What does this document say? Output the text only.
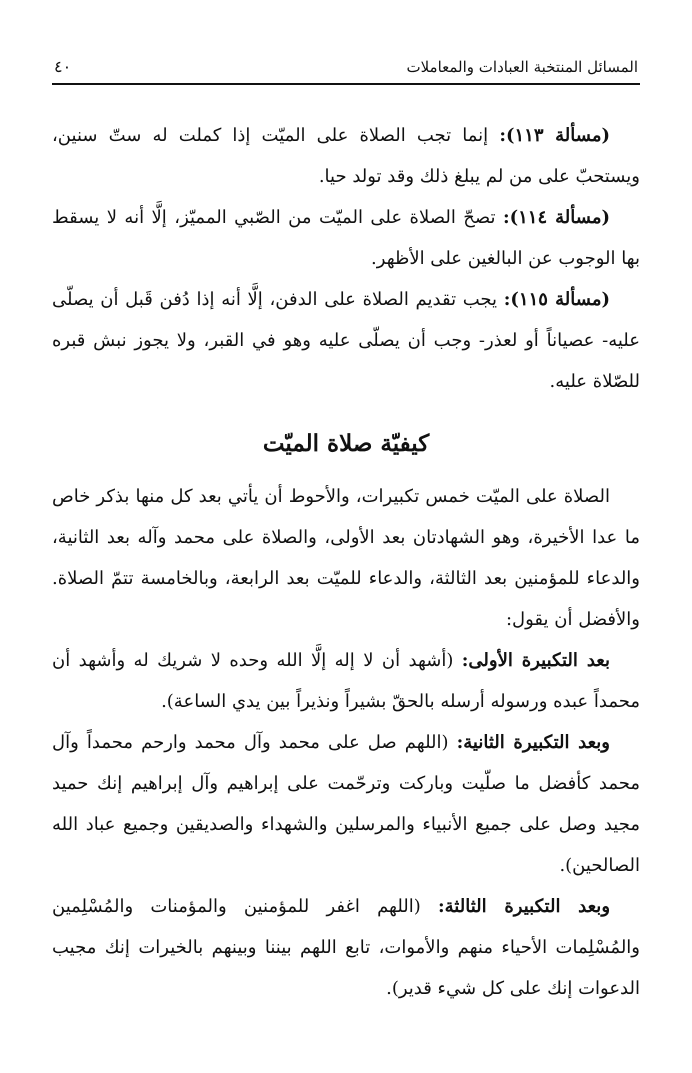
المسائل المنتخبة العبادات والمعاملات
٤٠

(مسألة ١١٣): إنما تجب الصلاة على الميّت إذا كملت له ستّ سنين، ويستحبّ على من لم يبلغ ذلك وقد تولد حيا.

(مسألة ١١٤): تصحّ الصلاة على الميّت من الصّبي المميّز، إلَّا أنه لا يسقط بها الوجوب عن البالغين على الأظهر.

(مسألة ١١٥): يجب تقديم الصلاة على الدفن، إلَّا أنه إذا دُفن قَبل أن يصلّى عليه- عصياناً أو لعذر- وجب أن يصلّى عليه وهو في القبر، ولا يجوز نبش قبره للصّلاة عليه.

كيفيّة صلاة الميّت

الصلاة على الميّت خمس تكبيرات، والأحوط أن يأتي بعد كل منها بذكر خاص ما عدا الأخيرة، وهو الشهادتان بعد الأولى، والصلاة على محمد وآله بعد الثانية، والدعاء للمؤمنين بعد الثالثة، والدعاء للميّت بعد الرابعة، وبالخامسة تتمّ الصلاة. والأفضل أن يقول:

بعد التكبيرة الأولى: (أشهد أن لا إله إلَّا الله وحده لا شريك له وأشهد أن محمداً عبده ورسوله أرسله بالحقّ بشيراً ونذيراً بين يدي الساعة).

وبعد التكبيرة الثانية: (اللهم صل على محمد وآل محمد وارحم محمداً وآل محمد كأفضل ما صلّيت وباركت وترحّمت على إبراهيم وآل إبراهيم إنك حميد مجيد وصل على جميع الأنبياء والمرسلين والشهداء والصديقين وجميع عباد الله الصالحين).

وبعد التكبيرة الثالثة: (اللهم اغفر للمؤمنين والمؤمنات والمُسْلِمين والمُسْلِمات الأحياء منهم والأموات، تابع اللهم بيننا وبينهم بالخيرات إنك مجيب الدعوات إنك على كل شيء قدير).
